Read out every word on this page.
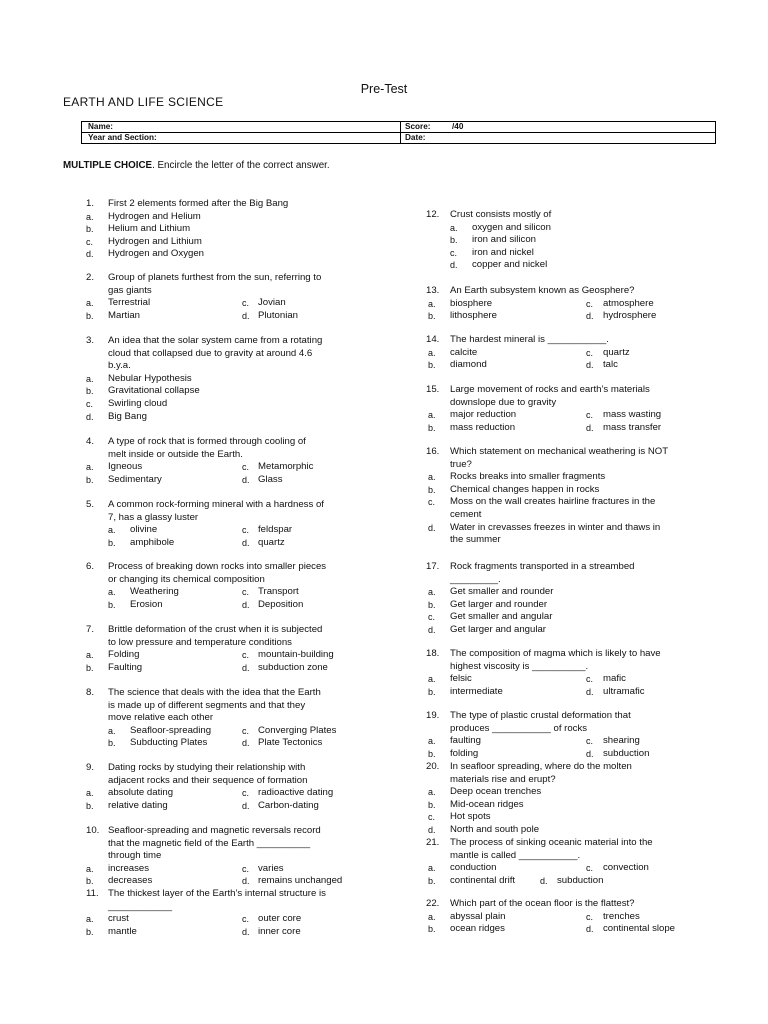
Pre-Test
EARTH AND LIFE SCIENCE
Name:	Score:	/40
Year and Section:	Date:
MULTIPLE CHOICE. Encircle the letter of the correct answer.
1. First 2 elements formed after the Big Bang
a. Hydrogen and Helium
b. Helium and Lithium
c. Hydrogen and Lithium
d. Hydrogen and Oxygen
2. Group of planets furthest from the sun, referring to
gas giants
a. Terrestrial	c. Jovian
b. Martian	d. Plutonian
3. An idea that the solar system came from a rotating
cloud that collapsed due to gravity at around 4.6
b.y.a.
a. Nebular Hypothesis
b. Gravitational collapse
c. Swirling cloud
d. Big Bang
4. A type of rock that is formed through cooling of
melt inside or outside the Earth.
a. Igneous	c. Metamorphic
b. Sedimentary	d. Glass
5. A common rock-forming mineral with a hardness of
7, has a glassy luster
a. olivine	c. feldspar
b. amphibole	d. quartz
6. Process of breaking down rocks into smaller pieces
or changing its chemical composition
a. Weathering	c. Transport
b. Erosion	d. Deposition
7. Brittle deformation of the crust when it is subjected
to low pressure and temperature conditions
a. Folding	c. mountain-building
b. Faulting	d. subduction zone
8. The science that deals with the idea that the Earth
is made up of different segments and that they
move relative each other
a. Seafloor-spreading	c. Converging Plates
b. Subducting Plates	d. Plate Tectonics
9. Dating rocks by studying their relationship with
adjacent rocks and their sequence of formation
a. absolute dating	c. radioactive dating
b. relative dating	d. Carbon-dating
10. Seafloor-spreading and magnetic reversals record
that the magnetic field of the Earth __________
through time
a. increases	c. varies
b. decreases	d. remains unchanged
11. The thickest layer of the Earth’s internal structure is
____________
a. crust	c. outer core
b. mantle	d. inner core
12. Crust consists mostly of
a. oxygen and silicon
b. iron and silicon
c. iron and nickel
d. copper and nickel
13. An Earth subsystem known as Geosphere?
a. biosphere	c. atmosphere
b. lithosphere	d. hydrosphere
14. The hardest mineral is ___________.
a. calcite	c. quartz
b. diamond	d. talc
15. Large movement of rocks and earth’s materials
downslope due to gravity
a. major reduction	c. mass wasting
b. mass reduction	d. mass transfer
16. Which statement on mechanical weathering is NOT
true?
a. Rocks breaks into smaller fragments
b. Chemical changes happen in rocks
c. Moss on the wall creates hairline fractures in the
cement
d. Water in crevasses freezes in winter and thaws in
the summer
17. Rock fragments transported in a streambed
_________.
a. Get smaller and rounder
b. Get larger and rounder
c. Get smaller and angular
d. Get larger and angular
18. The composition of magma which is likely to have
highest viscosity is __________.
a. felsic	c. mafic
b. intermediate	d. ultramafic
19. The type of plastic crustal deformation that
produces ___________ of rocks
a. faulting	c. shearing
b. folding	d. subduction
20. In seafloor spreading, where do the molten
materials rise and erupt?
a. Deep ocean trenches
b. Mid-ocean ridges
c. Hot spots
d. North and south pole
21. The process of sinking oceanic material into the
mantle is called ___________.
a. conduction	c. convection
b. continental drift	d. subduction
22. Which part of the ocean floor is the flattest?
a. abyssal plain	c. trenches
b. ocean ridges	d. continental slope
